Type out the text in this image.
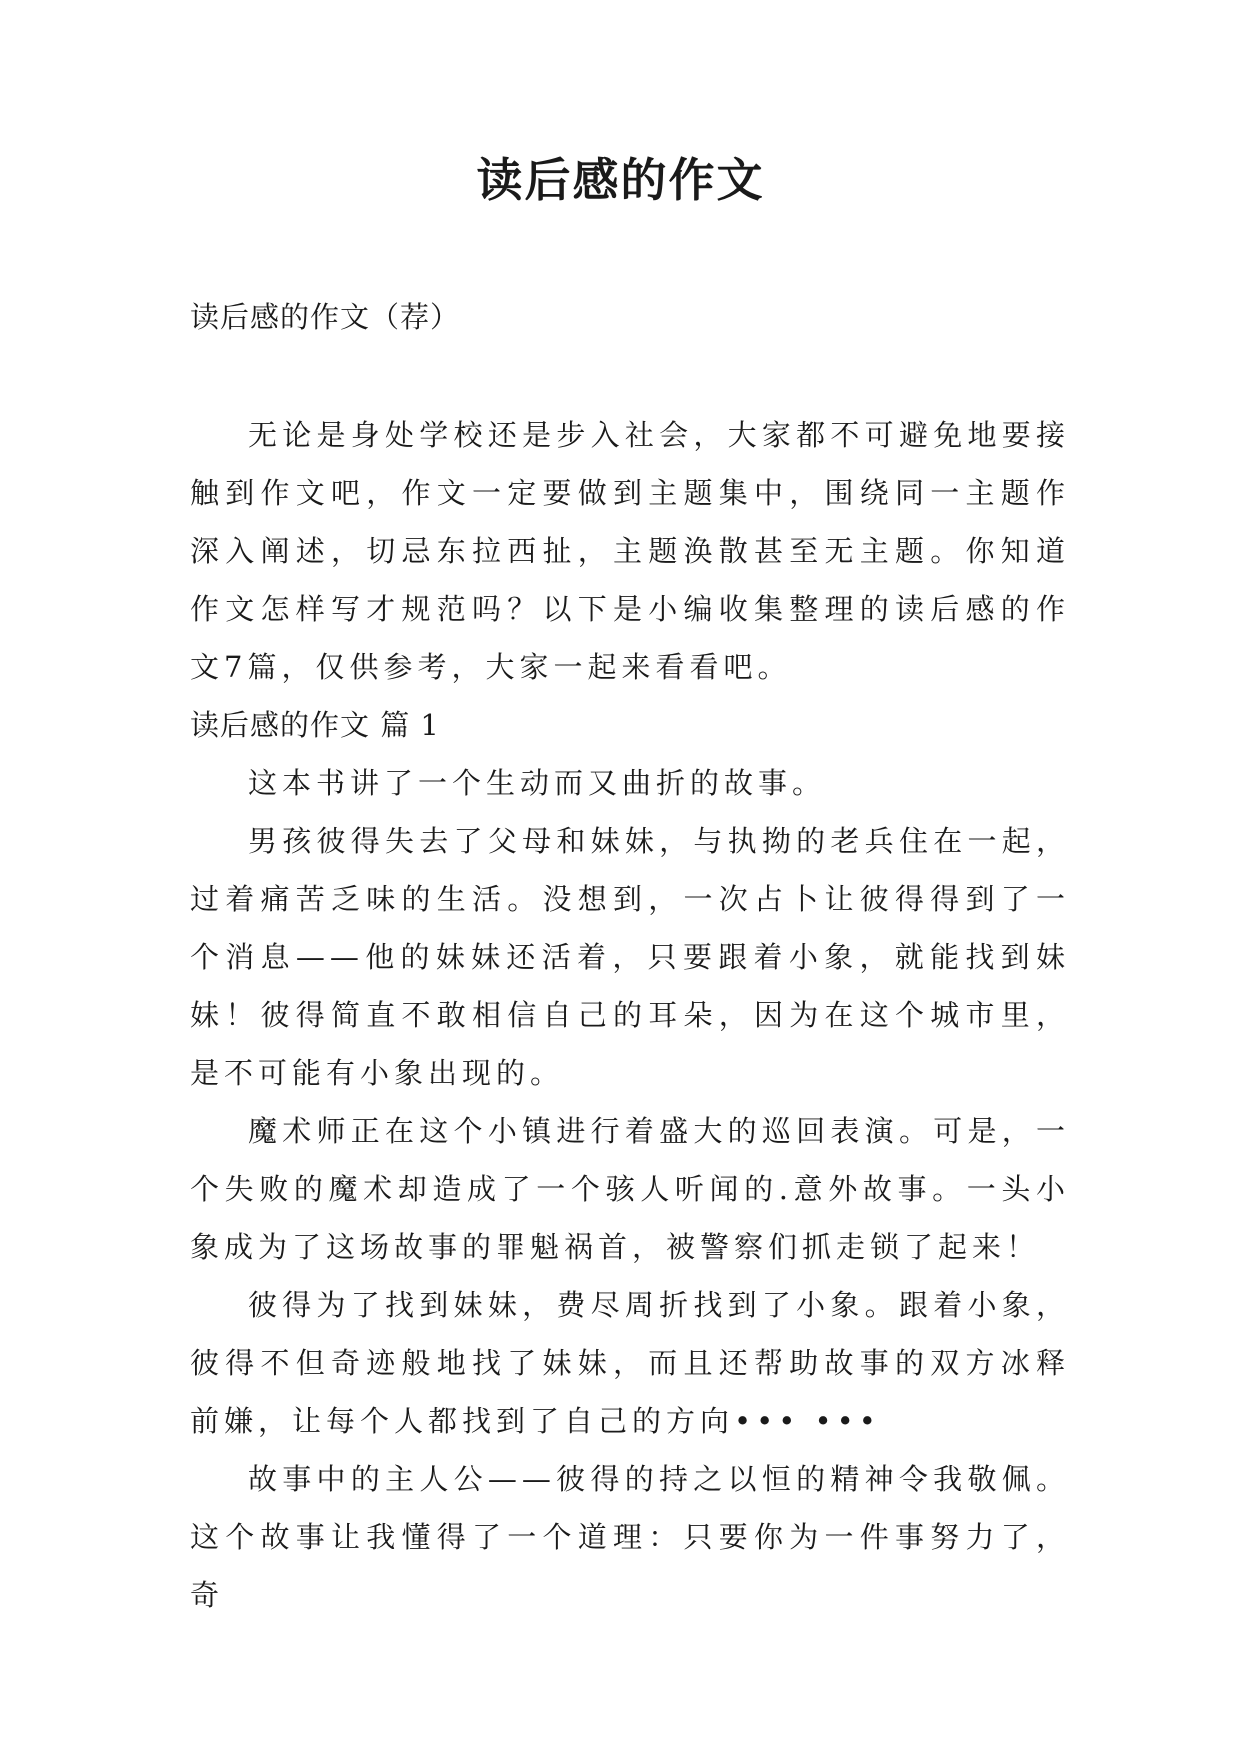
读后感的作文

读后感的作文（荐）

无论是身处学校还是步入社会，大家都不可避免地要接触到作文吧，作文一定要做到主题集中，围绕同一主题作深入阐述，切忌东拉西扯，主题涣散甚至无主题。你知道作文怎样写才规范吗？以下是小编收集整理的读后感的作文7篇，仅供参考，大家一起来看看吧。

读后感的作文 篇 1

这本书讲了一个生动而又曲折的故事。

男孩彼得失去了父母和妹妹，与执拗的老兵住在一起，过着痛苦乏味的生活。没想到，一次占卜让彼得得到了一个消息——他的妹妹还活着，只要跟着小象，就能找到妹妹！彼得简直不敢相信自己的耳朵，因为在这个城市里，是不可能有小象出现的。

魔术师正在这个小镇进行着盛大的巡回表演。可是，一个失败的魔术却造成了一个骇人听闻的.意外故事。一头小象成为了这场故事的罪魁祸首，被警察们抓走锁了起来！

彼得为了找到妹妹，费尽周折找到了小象。跟着小象，彼得不但奇迹般地找了妹妹，而且还帮助故事的双方冰释前嫌，让每个人都找到了自己的方向••• •••

故事中的主人公——彼得的持之以恒的精神令我敬佩。这个故事让我懂得了一个道理：只要你为一件事努力了，奇
